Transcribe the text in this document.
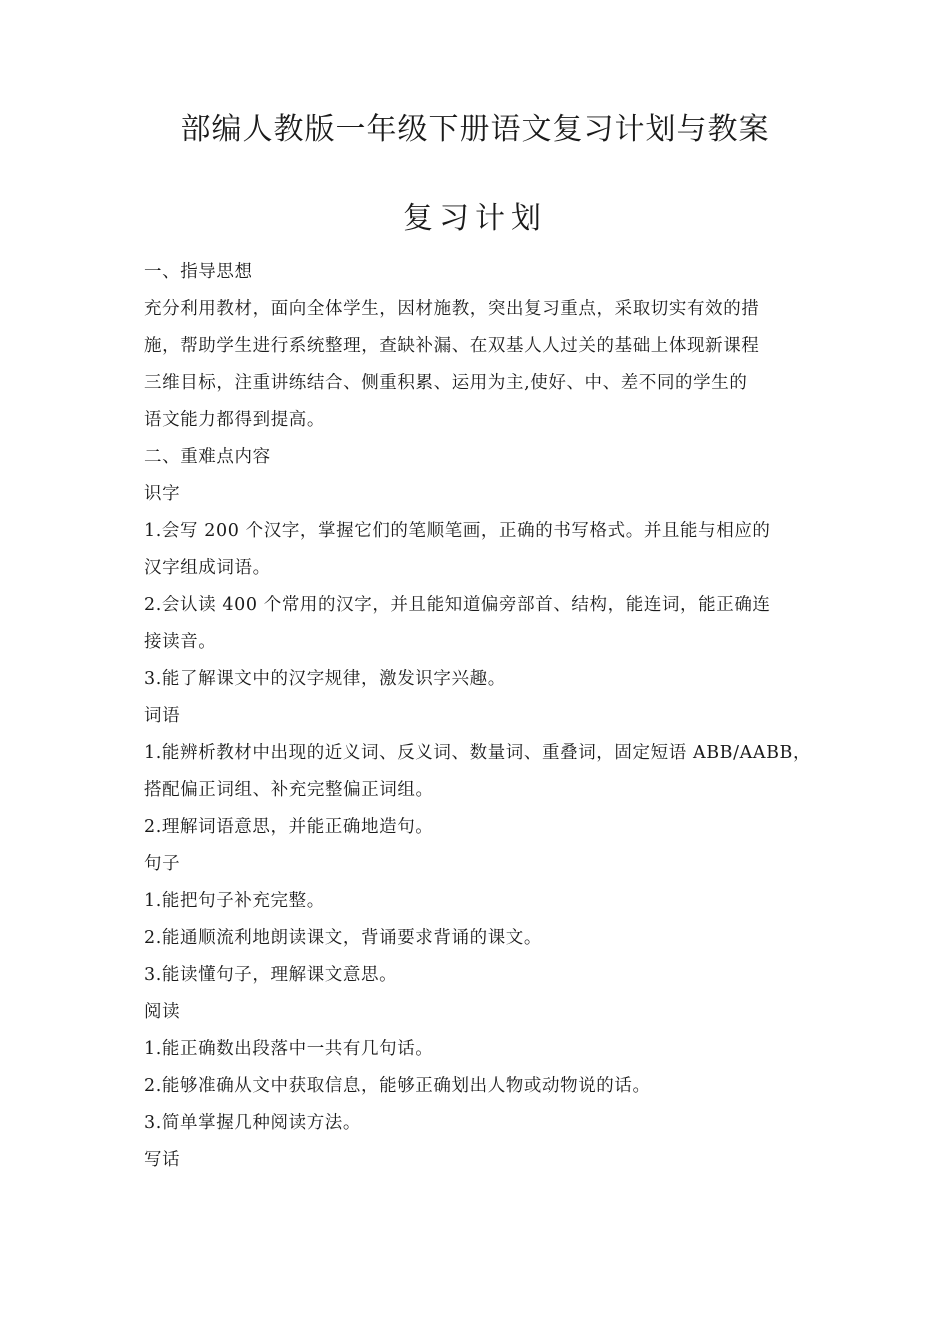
部编人教版一年级下册语文复习计划与教案
复习计划

一、指导思想

充分利用教材，面向全体学生，因材施教，突出复习重点，采取切实有效的措

施，帮助学生进行系统整理，查缺补漏、在双基人人过关的基础上体现新课程

三维目标，注重讲练结合、侧重积累、运用为主,使好、中、差不同的学生的

语文能力都得到提高。

二、重难点内容

识字

1.会写 200 个汉字，掌握它们的笔顺笔画，正确的书写格式。并且能与相应的

汉字组成词语。

2.会认读 400 个常用的汉字，并且能知道偏旁部首、结构，能连词，能正确连

接读音。

3.能了解课文中的汉字规律，激发识字兴趣。

词语

1.能辨析教材中出现的近义词、反义词、数量词、重叠词，固定短语 ABB/AABB，

搭配偏正词组、补充完整偏正词组。

2.理解词语意思，并能正确地造句。

句子

1.能把句子补充完整。

2.能通顺流利地朗读课文，背诵要求背诵的课文。

3.能读懂句子，理解课文意思。

阅读

1.能正确数出段落中一共有几句话。

2.能够准确从文中获取信息，能够正确划出人物或动物说的话。

3.简单掌握几种阅读方法。

写话
